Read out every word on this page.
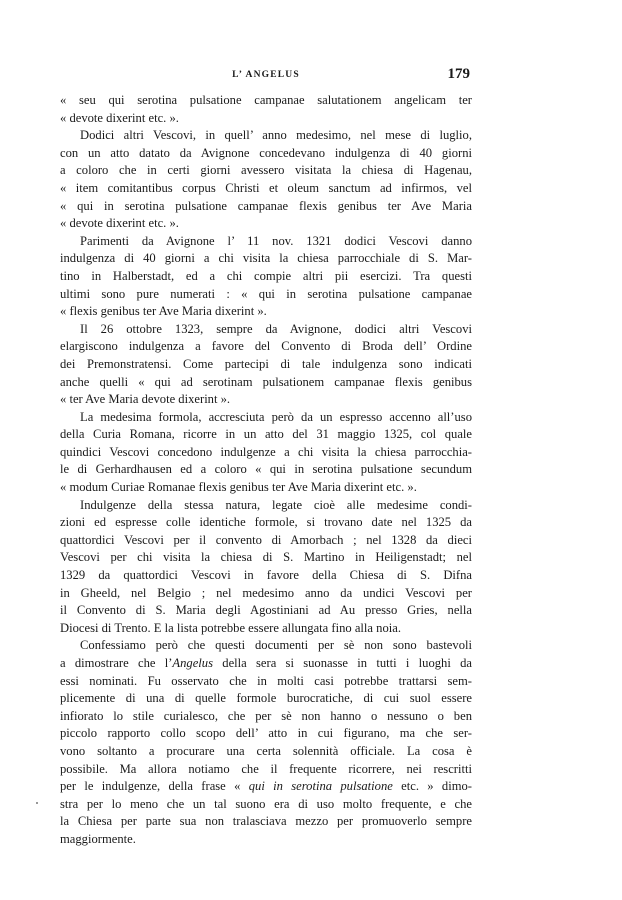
L’ ANGELUS	179
« seu qui serotina pulsatione campanae salutationem angelicam ter
« devote dixerint etc. ».
Dodici altri Vescovi, in quell’ anno medesimo, nel mese di luglio,
con un atto datato da Avignone concedevano indulgenza di 40 giorni
a coloro che in certi giorni avessero visitata la chiesa di Hagenau,
« item comitantibus corpus Christi et oleum sanctum ad infirmos, vel
« qui in serotina pulsatione campanae flexis genibus ter Ave Maria
« devote dixerint etc. ».
Parimenti da Avignone l’ 11 nov. 1321 dodici Vescovi danno
indulgenza di 40 giorni a chi visita la chiesa parrocchiale di S. Mar-
tino in Halberstadt, ed a chi compie altri pii esercizi. Tra questi
ultimi sono pure numerati : « qui in serotina pulsatione campanae
« flexis genibus ter Ave Maria dixerint ».
Il 26 ottobre 1323, sempre da Avignone, dodici altri Vescovi
elargiscono indulgenza a favore del Convento di Broda dell’ Ordine
dei Premonstratensi. Come partecipi di tale indulgenza sono indicati
anche quelli « qui ad serotinam pulsationem campanae flexis genibus
« ter Ave Maria devote dixerint ».
La medesima formola, accresciuta però da un espresso accenno all’uso
della Curia Romana, ricorre in un atto del 31 maggio 1325, col quale
quindici Vescovi concedono indulgenze a chi visita la chiesa parrocchia-
le di Gerhardhausen ed a coloro « qui in serotina pulsatione secundum
« modum Curiae Romanae flexis genibus ter Ave Maria dixerint etc. ».
Indulgenze della stessa natura, legate cioè alle medesime condi-
zioni ed espresse colle identiche formole, si trovano date nel 1325 da
quattordici Vescovi per il convento di Amorbach ; nel 1328 da dieci
Vescovi per chi visita la chiesa di S. Martino in Heiligenstadt; nel
1329 da quattordici Vescovi in favore della Chiesa di S. Difna
in Gheeld, nel Belgio ; nel medesimo anno da undici Vescovi per
il Convento di S. Maria degli Agostiniani ad Au presso Gries, nella
Diocesi di Trento. E la lista potrebbe essere allungata fino alla noia.
Confessiamo però che questi documenti per sè non sono bastevoli
a dimostrare che l’Angelus della sera si suonasse in tutti i luoghi da
essi nominati. Fu osservato che in molti casi potrebbe trattarsi sem-
plicemente di una di quelle formole burocratiche, di cui suol essere
infiorato lo stile curialesco, che per sè non hanno o nessuno o ben
piccolo rapporto collo scopo dell’ atto in cui figurano, ma che ser-
vono soltanto a procurare una certa solennità officiale. La cosa è
possibile. Ma allora notiamo che il frequente ricorrere, nei rescritti
per le indulgenze, della frase « qui in serotina pulsatione etc. » dimo-
stra per lo meno che un tal suono era di uso molto frequente, e che
la Chiesa per parte sua non tralasciava mezzo per promuoverlo sempre
maggiormente.
